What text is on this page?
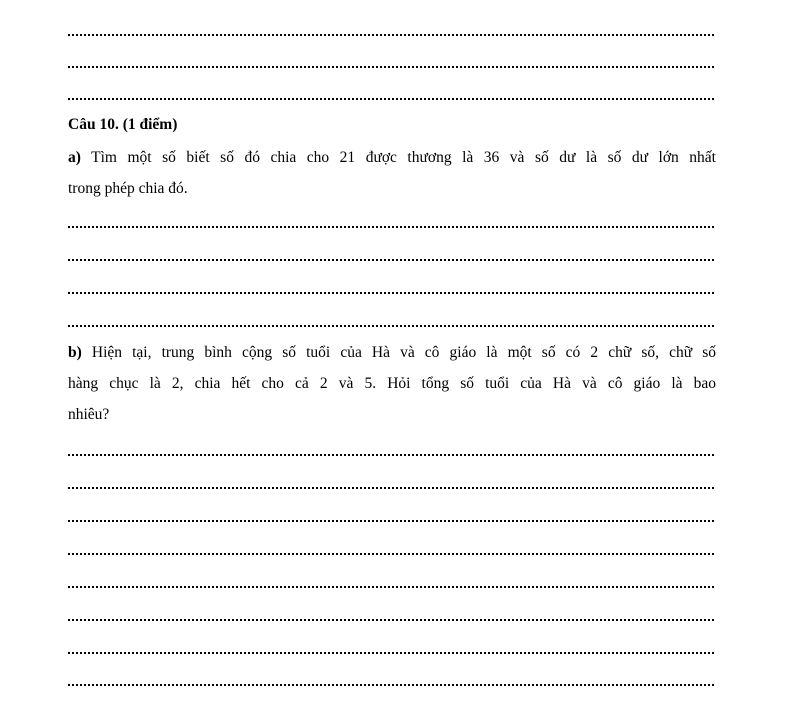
Câu 10. (1 điểm)
a) Tìm một số biết số đó chia cho 21 được thương là 36 và số dư là số dư lớn nhất
trong phép chia đó.
b) Hiện tại, trung bình cộng số tuổi của Hà và cô giáo là một số có 2 chữ số, chữ số
hàng chục là 2, chia hết cho cả 2 và 5. Hỏi tổng số tuổi của Hà và cô giáo là bao
nhiêu?
